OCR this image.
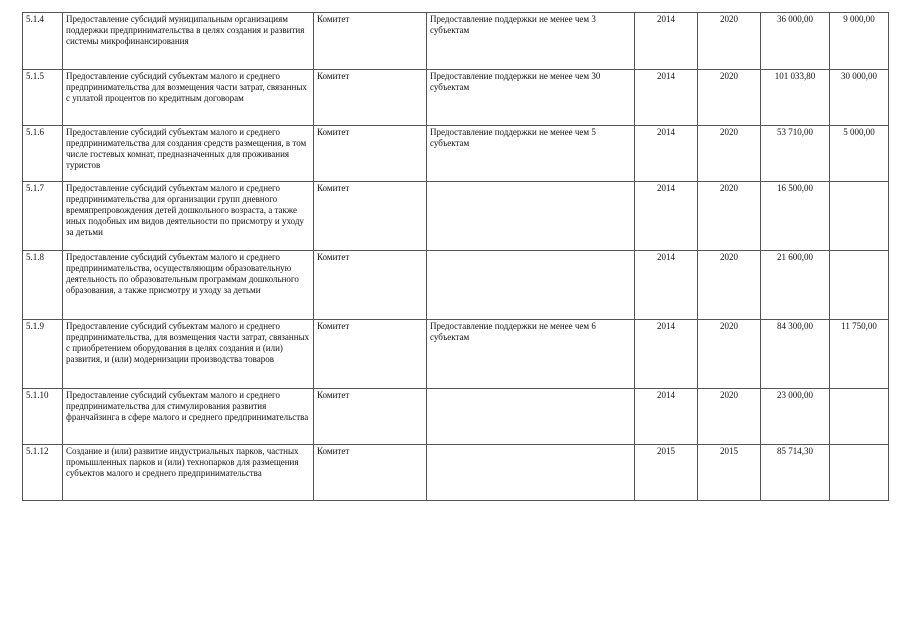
5.1.4	Предоставление субсидий муниципальным организациям поддержки предпринимательства в целях создания и развития системы микрофинансирования	Комитет	Предоставление поддержки не менее чем 3 субъектам	2014	2020	36 000,00	9 000,00
5.1.5	Предоставление субсидий субъектам малого и среднего предпринимательства для возмещения части затрат, связанных с уплатой процентов по кредитным договорам	Комитет	Предоставление поддержки не менее чем 30 субъектам	2014	2020	101 033,80	30 000,00
5.1.6	Предоставление субсидий субъектам малого и среднего предпринимательства для создания средств размещения, в том числе гостевых комнат, предназначенных для проживания туристов	Комитет	Предоставление поддержки не менее чем 5 субъектам	2014	2020	53 710,00	5 000,00
5.1.7	Предоставление субсидий субъектам малого и среднего предпринимательства для организации групп дневного времяпрепровождения детей дошкольного возраста, а также иных подобных им видов деятельности по присмотру и уходу за детьми	Комитет		2014	2020	16 500,00	
5.1.8	Предоставление субсидий субъектам малого и среднего предпринимательства, осуществляющим образовательную деятельность по образовательным программам дошкольного образования, а также присмотру и уходу за детьми	Комитет		2014	2020	21 600,00	
5.1.9	Предоставление субсидий субъектам малого и среднего предпринимательства, для возмещения части затрат, связанных с приобретением оборудования в целях создания и (или) развития, и (или) модернизации производства товаров	Комитет	Предоставление поддержки не менее чем 6 субъектам	2014	2020	84 300,00	11 750,00
5.1.10	Предоставление субсидий субъектам малого и среднего предпринимательства для стимулирования развития франчайзинга в сфере малого и среднего предпринимательства	Комитет		2014	2020	23 000,00	
5.1.12	Создание и (или) развитие индустриальных парков, частных промышленных парков и (или) технопарков для размещения субъектов малого и среднего предпринимательства	Комитет		2015	2015	85 714,30	
